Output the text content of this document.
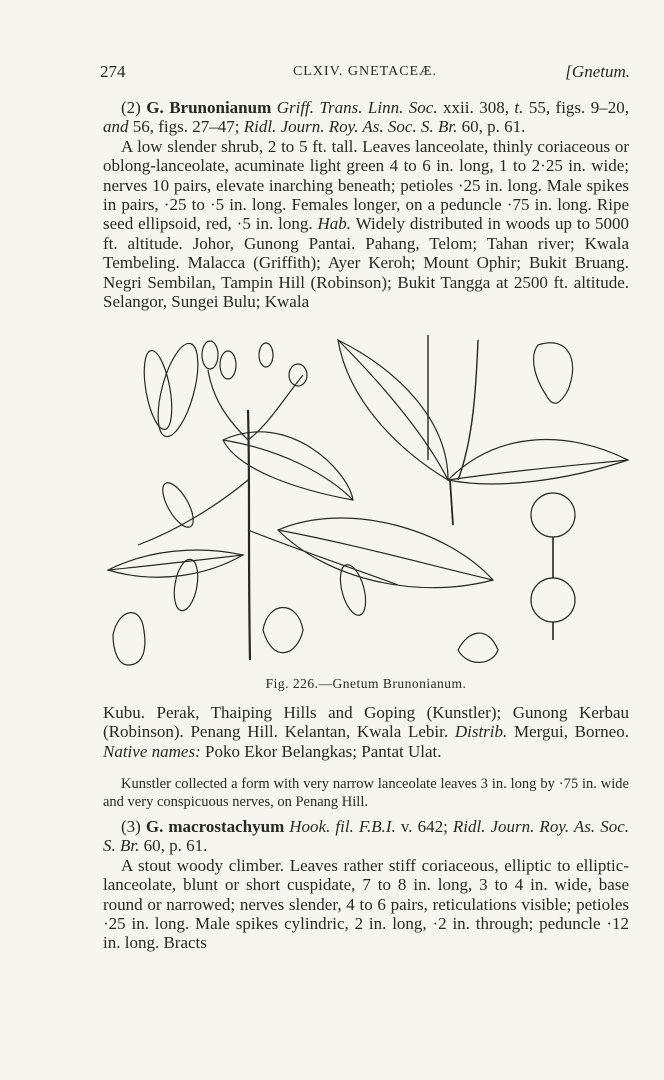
274	CLXIV. GNETACEÆ.	[Gnetum.

(2) G. Brunonianum Griff. Trans. Linn. Soc. xxii. 308, t. 55, figs. 9–20, and 56, figs. 27–47; Ridl. Journ. Roy. As. Soc. S. Br. 60, p. 61.

A low slender shrub, 2 to 5 ft. tall. Leaves lanceolate, thinly coriaceous or oblong-lanceolate, acuminate light green 4 to 6 in. long, 1 to 2·25 in. wide; nerves 10 pairs, elevate inarching beneath; petioles ·25 in. long. Male spikes in pairs, ·25 to ·5 in. long. Females longer, on a peduncle ·75 in. long. Ripe seed ellipsoid, red, ·5 in. long. Hab. Widely distributed in woods up to 5000 ft. altitude. Johor, Gunong Pantai. Pahang, Telom; Tahan river; Kwala Tembeling. Malacca (Griffith); Ayer Keroh; Mount Ophir; Bukit Bruang. Negri Sembilan, Tampin Hill (Robinson); Bukit Tangga at 2500 ft. altitude. Selangor, Sungei Bulu; Kwala

Fig. 226.—Gnetum Brunonianum.

Kubu. Perak, Thaiping Hills and Goping (Kunstler); Gunong Kerbau (Robinson). Penang Hill. Kelantan, Kwala Lebir. Distrib. Mergui, Borneo. Native names: Poko Ekor Belangkas; Pantat Ulat.

Kunstler collected a form with very narrow lanceolate leaves 3 in. long by ·75 in. wide and very conspicuous nerves, on Penang Hill.

(3) G. macrostachyum Hook. fil. F.B.I. v. 642; Ridl. Journ. Roy. As. Soc. S. Br. 60, p. 61.

A stout woody climber. Leaves rather stiff coriaceous, elliptic to elliptic-lanceolate, blunt or short cuspidate, 7 to 8 in. long, 3 to 4 in. wide, base round or narrowed; nerves slender, 4 to 6 pairs, reticulations visible; petioles ·25 in. long. Male spikes cylindric, 2 in. long, ·2 in. through; peduncle ·12 in. long. Bracts
